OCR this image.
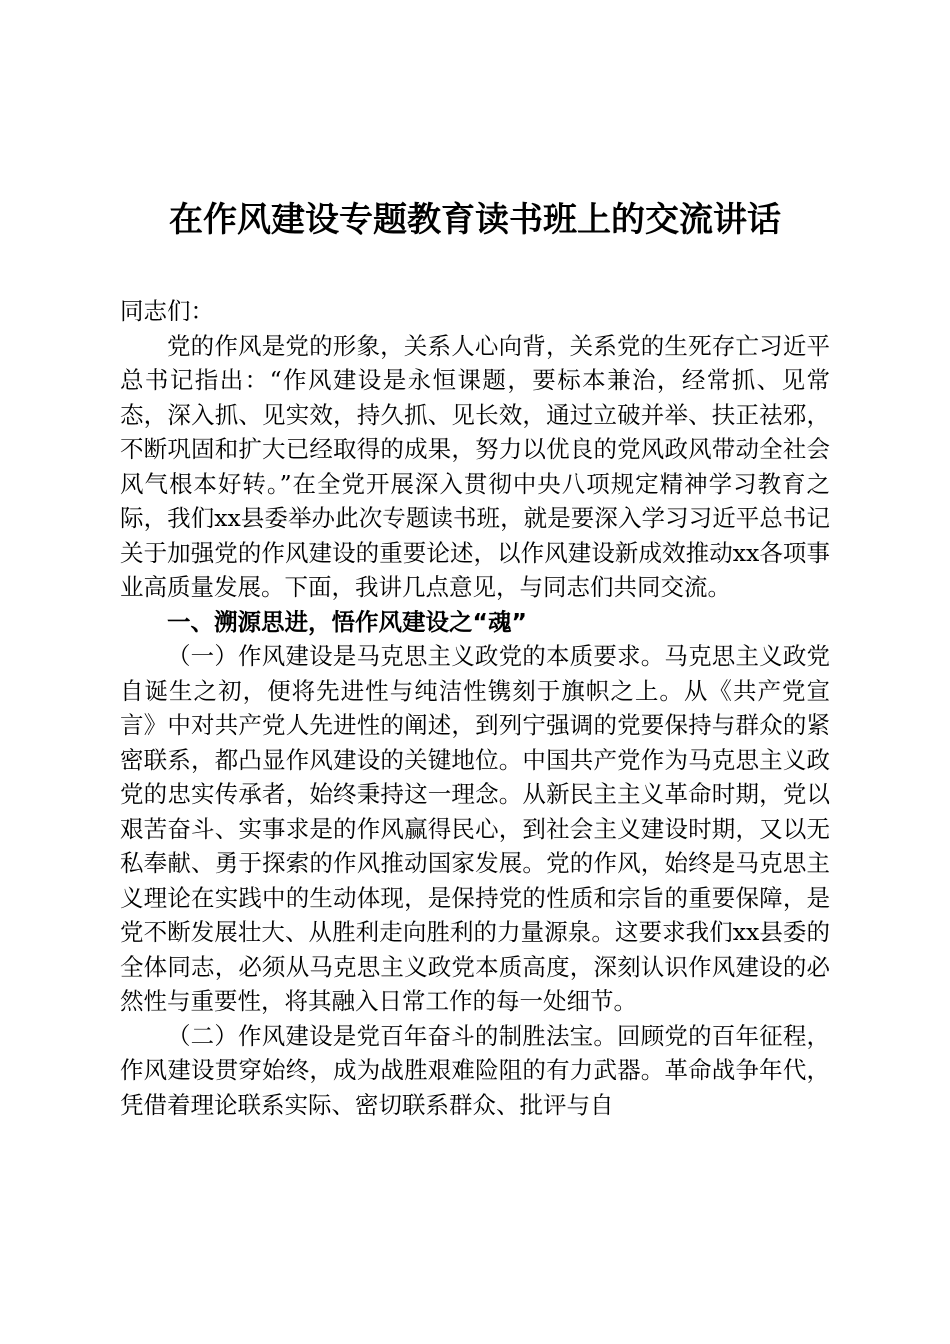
在作风建设专题教育读书班上的交流讲话

同志们：

党的作风是党的形象，关系人心向背，关系党的生死存亡习近平总书记指出：“作风建设是永恒课题，要标本兼治，经常抓、见常态，深入抓、见实效，持久抓、见长效，通过立破并举、扶正祛邪，不断巩固和扩大已经取得的成果，努力以优良的党风政风带动全社会风气根本好转。”在全党开展深入贯彻中央八项规定精神学习教育之际，我们xx县委举办此次专题读书班，就是要深入学习习近平总书记关于加强党的作风建设的重要论述，以作风建设新成效推动xx各项事业高质量发展。下面，我讲几点意见，与同志们共同交流。

一、溯源思进，悟作风建设之“魂”

（一）作风建设是马克思主义政党的本质要求。马克思主义政党自诞生之初，便将先进性与纯洁性镌刻于旗帜之上。从《共产党宣言》中对共产党人先进性的阐述，到列宁强调的党要保持与群众的紧密联系，都凸显作风建设的关键地位。中国共产党作为马克思主义政党的忠实传承者，始终秉持这一理念。从新民主主义革命时期，党以艰苦奋斗、实事求是的作风赢得民心，到社会主义建设时期，又以无私奉献、勇于探索的作风推动国家发展。党的作风，始终是马克思主义理论在实践中的生动体现，是保持党的性质和宗旨的重要保障，是党不断发展壮大、从胜利走向胜利的力量源泉。这要求我们xx县委的全体同志，必须从马克思主义政党本质高度，深刻认识作风建设的必然性与重要性，将其融入日常工作的每一处细节。

（二）作风建设是党百年奋斗的制胜法宝。回顾党的百年征程，作风建设贯穿始终，成为战胜艰难险阻的有力武器。革命战争年代，凭借着理论联系实际、密切联系群众、批评与自
